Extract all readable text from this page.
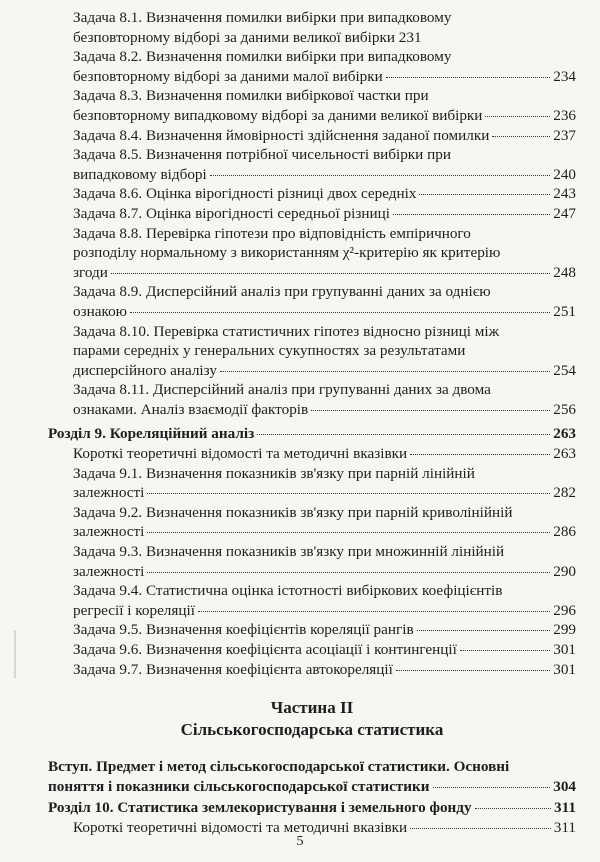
Задача 8.1. Визначення помилки вибірки при випадковому
безповторному відборі за даними великої вибірки 231
Задача 8.2. Визначення помилки вибірки при випадковому
безповторному відборі за даними малої вибірки	234
Задача 8.3. Визначення помилки вибіркової частки при
безповторному випадковому відборі за даними великої вибірки	236
Задача 8.4. Визначення ймовірності здійснення заданої помилки	237
Задача 8.5. Визначення потрібної чисельності вибірки при
випадковому відборі	240
Задача 8.6. Оцінка вірогідності різниці двох середніх	243
Задача 8.7. Оцінка вірогідності середньої різниці	247
Задача 8.8. Перевірка гіпотези про відповідність емпіричного
розподілу нормальному з використанням χ²-критерію як критерію
згоди	248
Задача 8.9. Дисперсійний аналіз при групуванні даних за однією
ознакою	251
Задача 8.10. Перевірка статистичних гіпотез відносно різниці між
парами середніх у генеральних сукупностях за результатами
дисперсійного аналізу	254
Задача 8.11. Дисперсійний аналіз при групуванні даних за двома
ознаками. Аналіз взаємодії факторів	256
Розділ 9. Кореляційний аналіз	263
Короткі теоретичні відомості та методичні вказівки	263
Задача 9.1. Визначення показників зв'язку при парній лінійній
залежності	282
Задача 9.2. Визначення показників зв'язку при парній криволінійній
залежності	286
Задача 9.3. Визначення показників зв'язку при множинній лінійній
залежності	290
Задача 9.4. Статистична оцінка істотності вибіркових коефіцієнтів
регресії і кореляції	296
Задача 9.5. Визначення коефіцієнтів кореляції рангів	299
Задача 9.6. Визначення коефіцієнта асоціації і контингенції	301
Задача 9.7. Визначення коефіцієнта автокореляції	301
Частина II
Сільськогосподарська статистика
Вступ. Предмет і метод сільськогосподарської статистики. Основні
поняття і показники сільськогосподарської статистики	304
Розділ 10. Статистика землекористування і земельного фонду	311
Короткі теоретичні відомості та методичні вказівки	311
5
